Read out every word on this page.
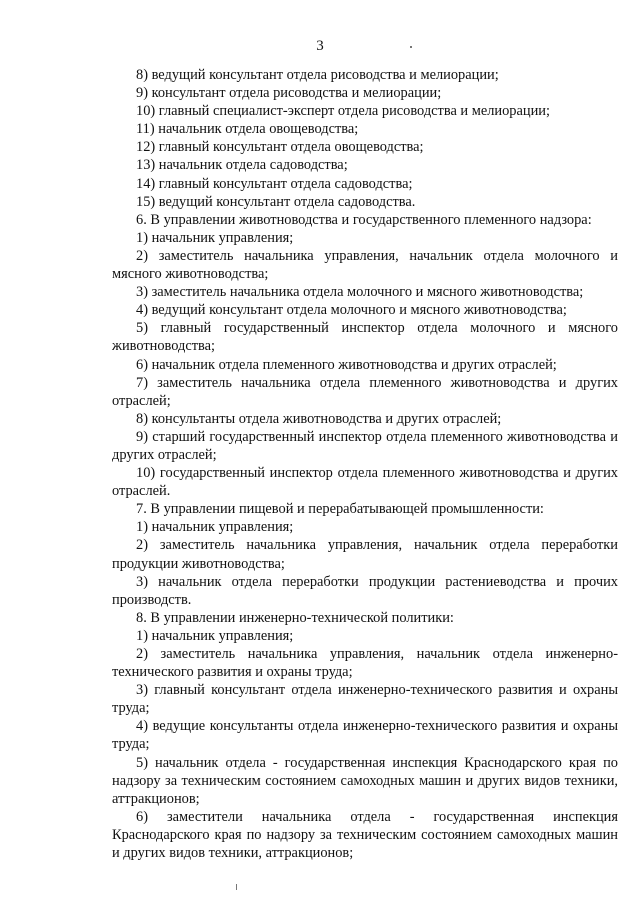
3

8) ведущий консультант отдела рисоводства и мелиорации;

9) консультант отдела рисоводства и мелиорации;

10) главный специалист-эксперт отдела рисоводства и мелиорации;

11) начальник отдела овощеводства;

12) главный консультант отдела овощеводства;

13) начальник отдела садоводства;

14) главный консультант отдела садоводства;

15) ведущий консультант отдела садоводства.

6. В управлении животноводства и государственного племенного надзора:

1) начальник управления;

2) заместитель начальника управления, начальник отдела молочного и мясного животноводства;

3) заместитель начальника отдела молочного и мясного животноводства;

4) ведущий консультант отдела молочного и мясного животноводства;

5) главный государственный инспектор отдела молочного и мясного животноводства;

6) начальник отдела племенного животноводства и других отраслей;

7) заместитель начальника отдела племенного животноводства и других отраслей;

8) консультанты отдела животноводства и других отраслей;

9) старший государственный инспектор отдела племенного животноводства и других отраслей;

10) государственный инспектор отдела племенного животноводства и других отраслей.

7. В управлении пищевой и перерабатывающей промышленности:

1) начальник управления;

2) заместитель начальника управления, начальник отдела переработки продукции животноводства;

3) начальник отдела переработки продукции растениеводства и прочих производств.

8. В управлении инженерно-технической политики:

1) начальник управления;

2) заместитель начальника управления, начальник отдела инженерно-технического развития и охраны труда;

3) главный консультант отдела инженерно-технического развития и охраны труда;

4) ведущие консультанты отдела инженерно-технического развития и охраны труда;

5) начальник отдела - государственная инспекция Краснодарского края по надзору за техническим состоянием самоходных машин и других видов техники, аттракционов;

6) заместители начальника отдела - государственная инспекция Краснодарского края по надзору за техническим состоянием самоходных машин и других видов техники, аттракционов;
